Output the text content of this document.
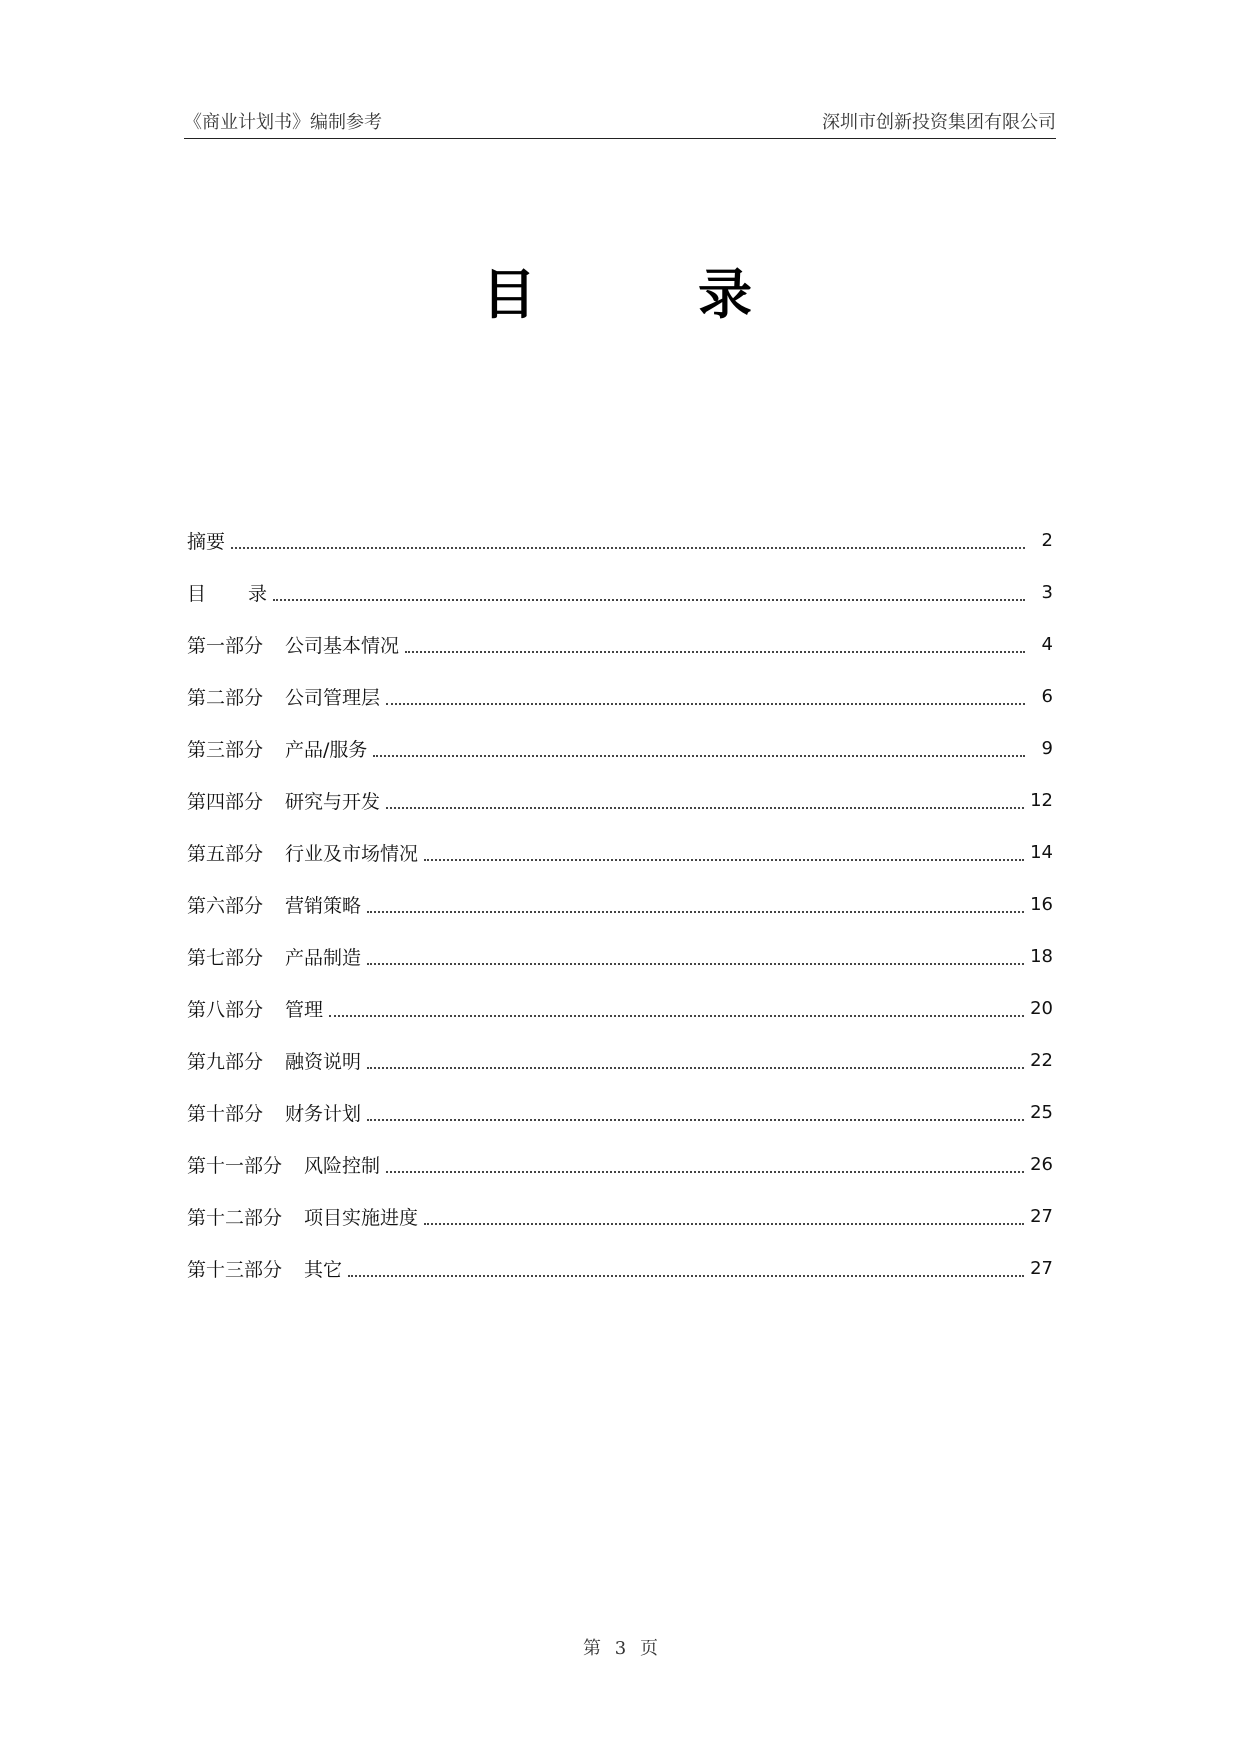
《商业计划书》编制参考	深圳市创新投资集团有限公司
目	录
摘要	2
目 录	3
第一部分 公司基本情况	4
第二部分 公司管理层	6
第三部分 产品/服务	9
第四部分 研究与开发	12
第五部分 行业及市场情况	14
第六部分 营销策略	16
第七部分 产品制造	18
第八部分 管理	20
第九部分 融资说明	22
第十部分 财务计划	25
第十一部分 风险控制	26
第十二部分 项目实施进度	27
第十三部分 其它	27
第 3 页
